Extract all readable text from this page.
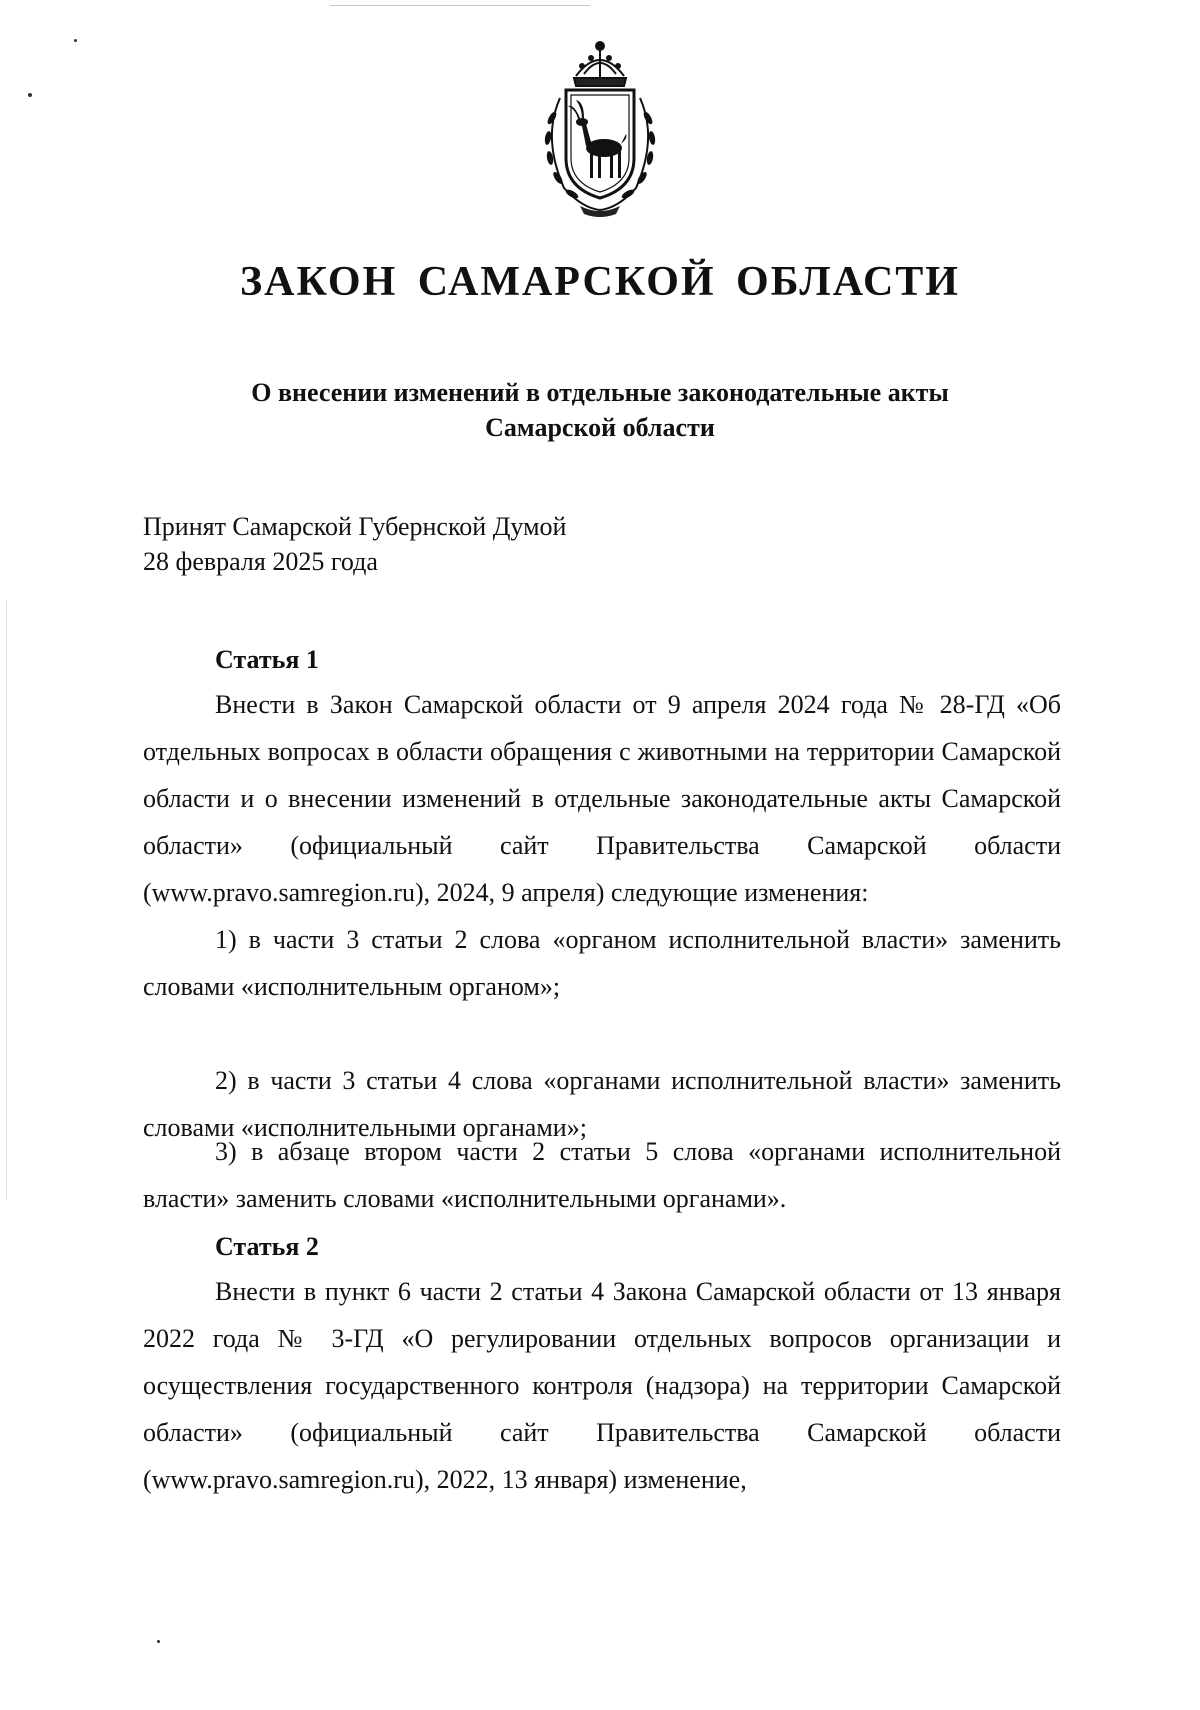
ЗАКОН САМАРСКОЙ ОБЛАСТИ
О внесении изменений в отдельные законодательные акты
Самарской области
Принят Самарской Губернской Думой
28 февраля 2025 года
Статья 1
Внести в Закон Самарской области от 9 апреля 2024 года № 28-ГД «Об отдельных вопросах в области обращения с животными на территории Самарской области и о внесении изменений в отдельные законодательные акты Самарской области» (официальный сайт Правительства Самарской области (www.pravo.samregion.ru), 2024, 9 апреля) следующие изменения:
1) в части 3 статьи 2 слова «органом исполнительной власти» заменить словами «исполнительным органом»;
2) в части 3 статьи 4 слова «органами исполнительной власти» заменить словами «исполнительными органами»;
3) в абзаце втором части 2 статьи 5 слова «органами исполнительной власти» заменить словами «исполнительными органами».
Статья 2
Внести в пункт 6 части 2 статьи 4 Закона Самарской области от 13 января 2022 года № 3-ГД «О регулировании отдельных вопросов организации и осуществления государственного контроля (надзора) на территории Самарской области» (официальный сайт Правительства Самарской области (www.pravo.samregion.ru), 2022, 13 января) изменение,
